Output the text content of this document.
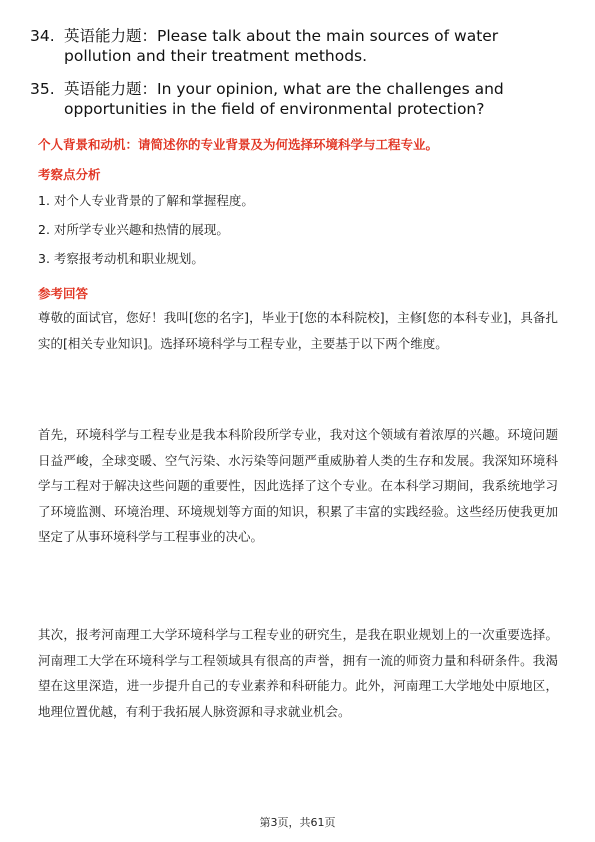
34. 英语能力题：Please talk about the main sources of water pollution and their treatment methods.
35. 英语能力题：In your opinion, what are the challenges and opportunities in the field of environmental protection?
个人背景和动机：请简述你的专业背景及为何选择环境科学与工程专业。
考察点分析
1. 对个人专业背景的了解和掌握程度。
2. 对所学专业兴趣和热情的展现。
3. 考察报考动机和职业规划。
参考回答

尊敬的面试官，您好！我叫[您的名字]，毕业于[您的本科院校]，主修[您的本科专业]，具备扎实的[相关专业知识]。选择环境科学与工程专业，主要基于以下两个维度。

首先，环境科学与工程专业是我本科阶段所学专业，我对这个领域有着浓厚的兴趣。环境问题日益严峻，全球变暖、空气污染、水污染等问题严重威胁着人类的生存和发展。我深知环境科学与工程对于解决这些问题的重要性，因此选择了这个专业。在本科学习期间，我系统地学习了环境监测、环境治理、环境规划等方面的知识，积累了丰富的实践经验。这些经历使我更加坚定了从事环境科学与工程事业的决心。

其次，报考河南理工大学环境科学与工程专业的研究生，是我在职业规划上的一次重要选择。河南理工大学在环境科学与工程领域具有很高的声誉，拥有一流的师资力量和科研条件。我渴望在这里深造，进一步提升自己的专业素养和科研能力。此外，河南理工大学地处中原地区，地理位置优越，有利于我拓展人脉资源和寻求就业机会。

第3页，共61页
